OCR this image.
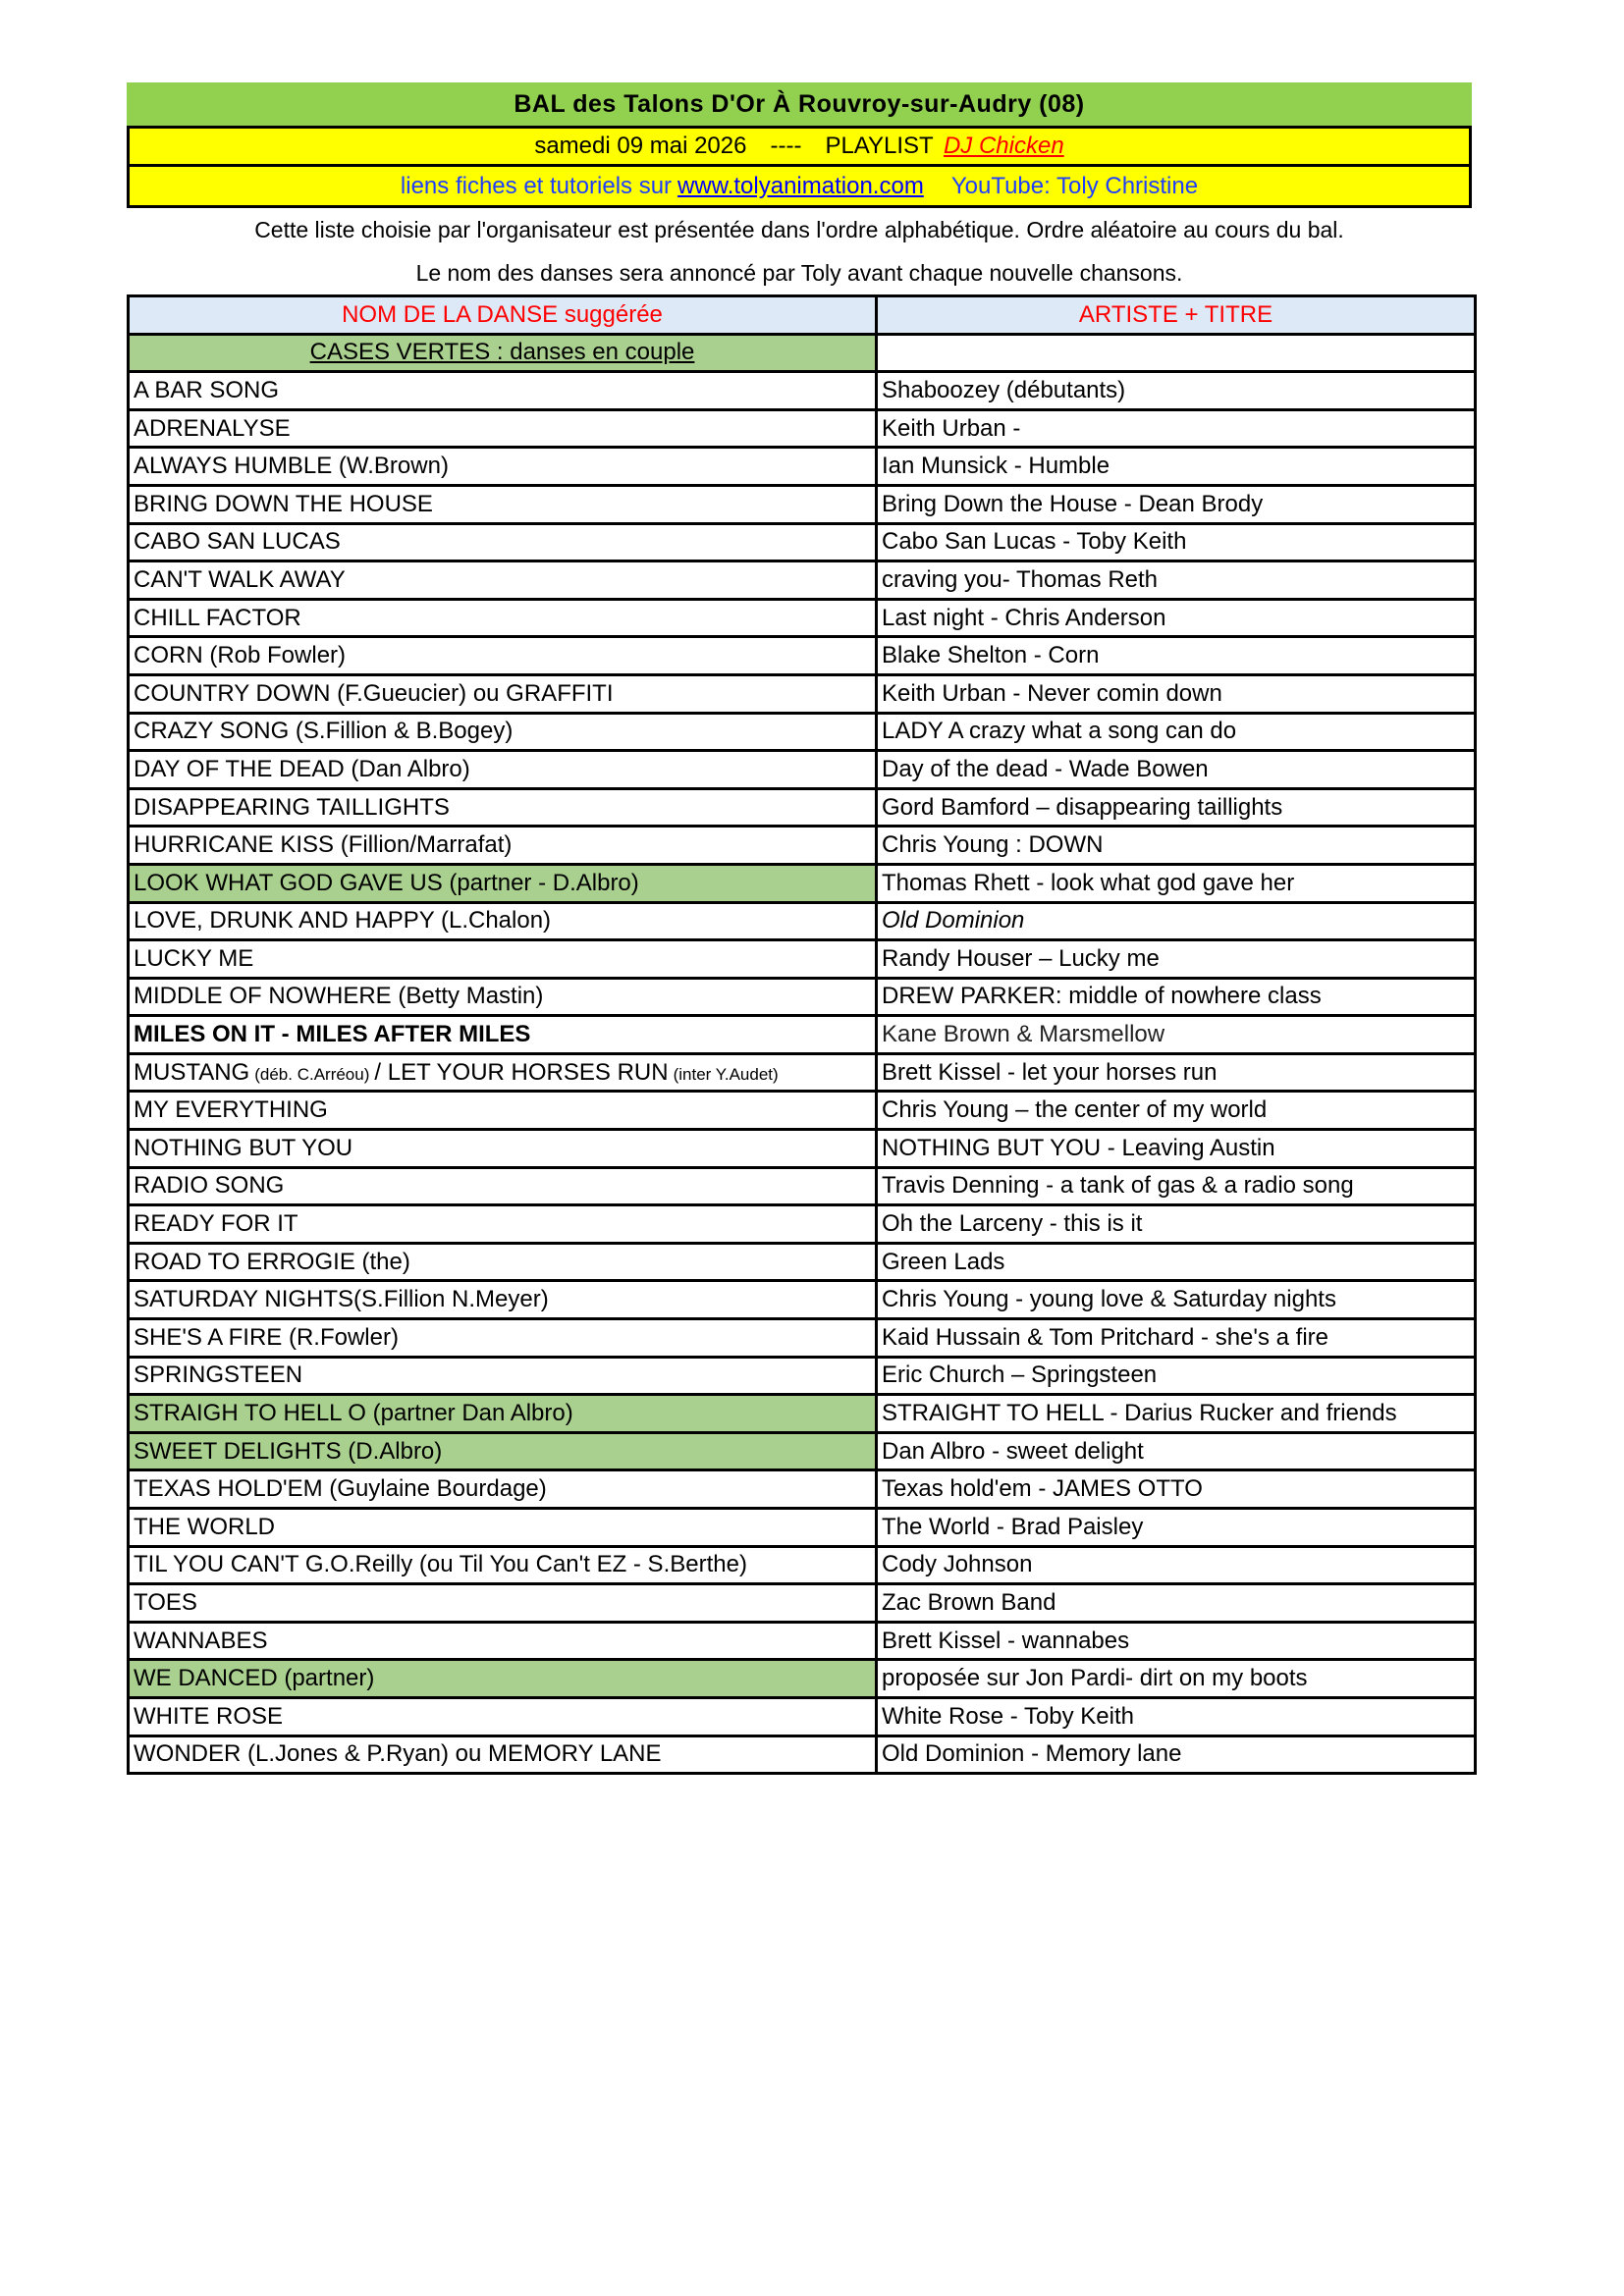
BAL des Talons D'Or À Rouvroy-sur-Audry (08)
samedi 09 mai 2026 ---- PLAYLIST DJ Chicken
liens fiches et tutoriels sur www.tolyanimation.com YouTube: Toly Christine
Cette liste choisie par l'organisateur est présentée dans l'ordre alphabétique. Ordre aléatoire au cours du bal.
Le nom des danses sera annoncé par Toly avant chaque nouvelle chansons.
NOM DE LA DANSE suggérée	ARTISTE + TITRE
CASES VERTES : danses en couple	
A BAR SONG	Shaboozey (débutants)
ADRENALYSE	Keith Urban -
ALWAYS HUMBLE (W.Brown)	Ian Munsick - Humble
BRING DOWN THE HOUSE	Bring Down the House - Dean Brody
CABO SAN LUCAS	Cabo San Lucas - Toby Keith
CAN'T WALK AWAY	craving you- Thomas Reth
CHILL FACTOR	Last night - Chris Anderson
CORN (Rob Fowler)	Blake Shelton - Corn
COUNTRY DOWN (F.Gueucier) ou GRAFFITI	Keith Urban - Never comin down
CRAZY SONG (S.Fillion & B.Bogey)	LADY A crazy what a song can do
DAY OF THE DEAD (Dan Albro)	Day of the dead - Wade Bowen
DISAPPEARING TAILLIGHTS	Gord Bamford – disappearing taillights
HURRICANE KISS (Fillion/Marrafat)	Chris Young : DOWN
LOOK WHAT GOD GAVE US (partner - D.Albro)	Thomas Rhett - look what god gave her
LOVE, DRUNK AND HAPPY (L.Chalon)	Old Dominion
LUCKY ME	Randy Houser – Lucky me
MIDDLE OF NOWHERE (Betty Mastin)	DREW PARKER: middle of nowhere class
MILES ON IT - MILES AFTER MILES	Kane Brown & Marsmellow
MUSTANG (déb. C.Arréou) / LET YOUR HORSES RUN (inter Y.Audet)	Brett Kissel - let your horses run
MY EVERYTHING	Chris Young – the center of my world
NOTHING BUT YOU	NOTHING BUT YOU - Leaving Austin
RADIO SONG	Travis Denning - a tank of gas & a radio song
READY FOR IT	Oh the Larceny - this is it
ROAD TO ERROGIE (the)	Green Lads
SATURDAY NIGHTS(S.Fillion N.Meyer)	Chris Young - young love & Saturday nights
SHE'S A FIRE (R.Fowler)	Kaid Hussain & Tom Pritchard - she's a fire
SPRINGSTEEN	Eric Church – Springsteen
STRAIGH TO HELL O (partner Dan Albro)	STRAIGHT TO HELL - Darius Rucker and friends
SWEET DELIGHTS (D.Albro)	Dan Albro - sweet delight
TEXAS HOLD'EM (Guylaine Bourdage)	Texas hold'em - JAMES OTTO
THE WORLD	The World - Brad Paisley
TIL YOU CAN'T G.O.Reilly (ou Til You Can't EZ - S.Berthe)	Cody Johnson
TOES	Zac Brown Band
WANNABES	Brett Kissel - wannabes
WE DANCED (partner)	proposée sur Jon Pardi- dirt on my boots
WHITE ROSE	White Rose - Toby Keith
WONDER (L.Jones & P.Ryan) ou MEMORY LANE	Old Dominion - Memory lane
